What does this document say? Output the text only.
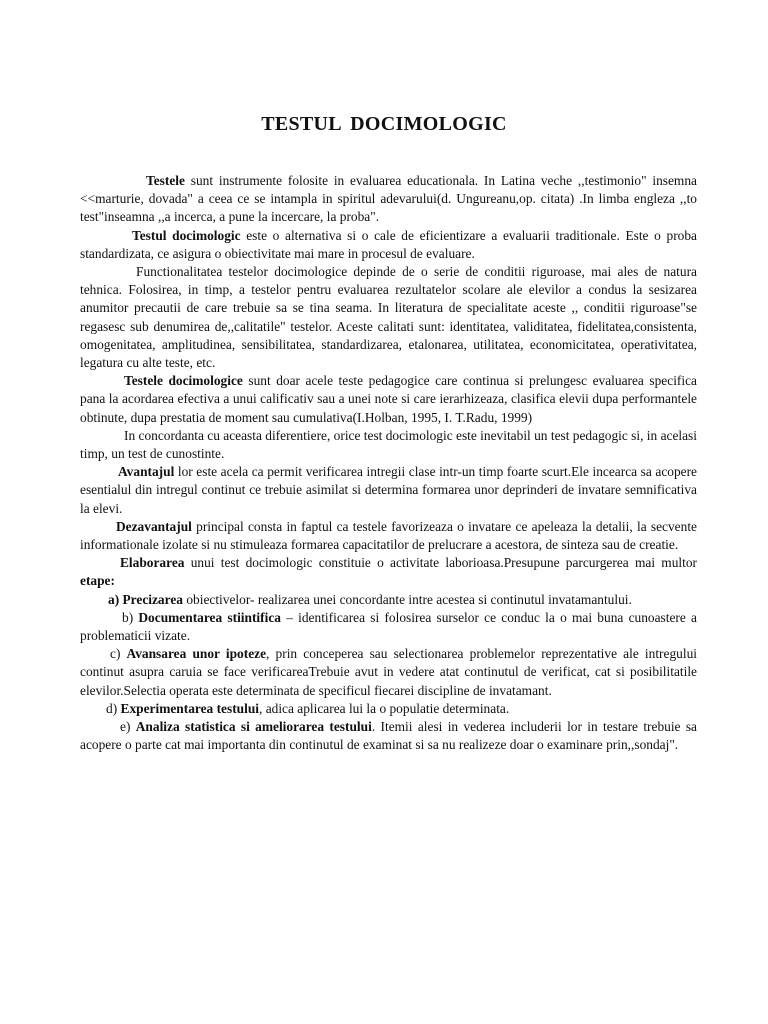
TESTUL DOCIMOLOGIC

Testele sunt instrumente folosite in evaluarea educationala. In Latina veche ,,testimonio" insemna <<marturie, dovada" a ceea ce se intampla in spiritul adevarului(d. Ungureanu,op. citata) .In limba engleza ,,to test"inseamna ,,a incerca, a pune la incercare, la proba".

Testul docimologic este o alternativa si o cale de eficientizare a evaluarii traditionale. Este o proba standardizata, ce asigura o obiectivitate mai mare in procesul de evaluare.

Functionalitatea testelor docimologice depinde de o serie de conditii riguroase, mai ales de natura tehnica. Folosirea, in timp, a testelor pentru evaluarea rezultatelor scolare ale elevilor a condus la sesizarea anumitor precautii de care trebuie sa se tina seama. In literatura de specialitate aceste ,, conditii riguroase"se regasesc sub denumirea de,,calitatile" testelor. Aceste calitati sunt: identitatea, validitatea, fidelitatea,consistenta, omogenitatea, amplitudinea, sensibilitatea, standardizarea, etalonarea, utilitatea, economicitatea, operativitatea, legatura cu alte teste, etc.

Testele docimologice sunt doar acele teste pedagogice care continua si prelungesc evaluarea specifica pana la acordarea efectiva a unui calificativ sau a unei note si care ierarhizeaza, clasifica elevii dupa performantele obtinute, dupa prestatia de moment sau cumulativa(I.Holban, 1995, I. T.Radu, 1999)

In concordanta cu aceasta diferentiere, orice test docimologic este inevitabil un test pedagogic si, in acelasi timp, un test de cunostinte.

Avantajul lor este acela ca permit verificarea intregii clase intr-un timp foarte scurt.Ele incearca sa acopere esentialul din intregul continut ce trebuie asimilat si determina formarea unor deprinderi de invatare semnificativa la elevi.

Dezavantajul principal consta in faptul ca testele favorizeaza o invatare ce apeleaza la detalii, la secvente informationale izolate si nu stimuleaza formarea capacitatilor de prelucrare a acestora, de sinteza sau de creatie.

Elaborarea unui test docimologic constituie o activitate laborioasa.Presupune parcurgerea mai multor etape:

a) Precizarea obiectivelor- realizarea unei concordante intre acestea si continutul invatamantului.

b) Documentarea stiintifica – identificarea si folosirea surselor ce conduc la o mai buna cunoastere a problematicii vizate.

c) Avansarea unor ipoteze, prin conceperea sau selectionarea problemelor reprezentative ale intregului continut asupra caruia se face verificareaTrebuie avut in vedere atat continutul de verificat, cat si posibilitatile elevilor.Selectia operata este determinata de specificul fiecarei discipline de invatamant.

d) Experimentarea testului, adica aplicarea lui la o populatie determinata.

e) Analiza statistica si ameliorarea testului. Itemii alesi in vederea includerii lor in testare trebuie sa acopere o parte cat mai importanta din continutul de examinat si sa nu realizeze doar o examinare prin,,sondaj".
